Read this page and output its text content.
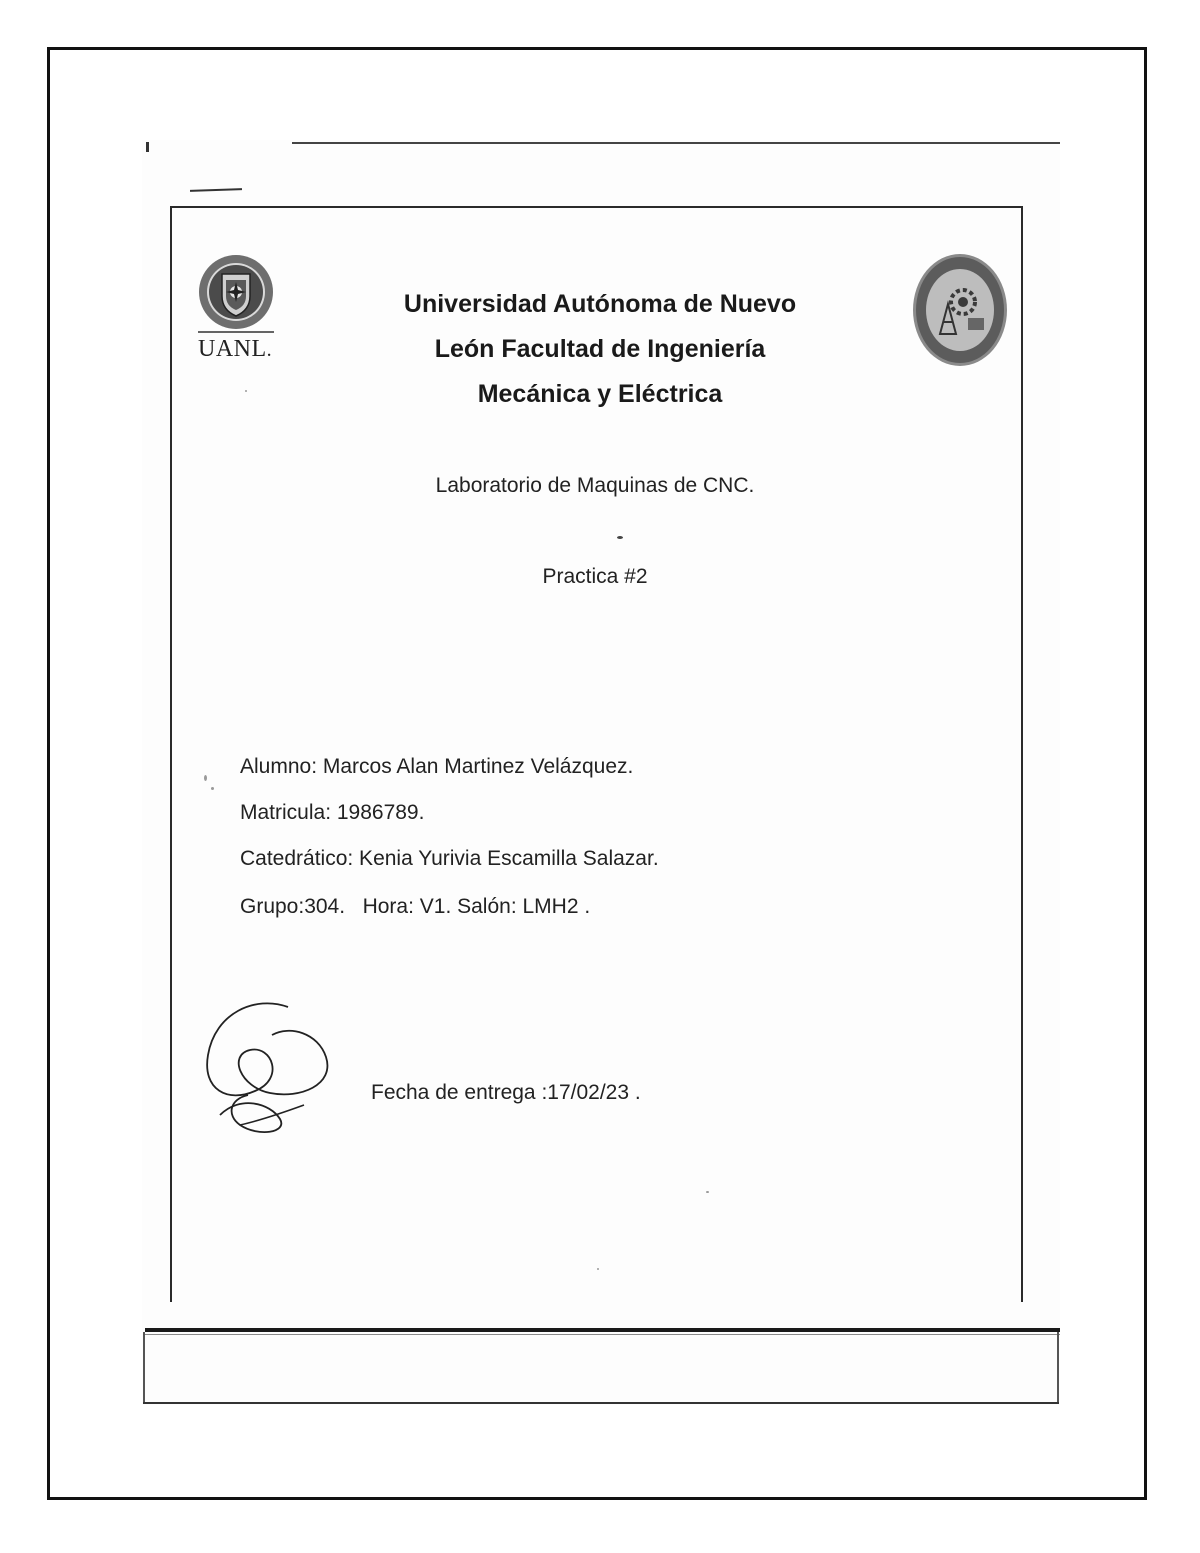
UANL.
Universidad Autónoma de Nuevo
León Facultad de Ingeniería
Mecánica y Eléctrica
Laboratorio de Maquinas de CNC.
Practica #2
Alumno: Marcos Alan Martinez Velázquez.
Matricula: 1986789.
Catedrático: Kenia Yurivia Escamilla Salazar.
Grupo:304.   Hora: V1. Salón: LMH2 .
Fecha de entrega :17/02/23 .
